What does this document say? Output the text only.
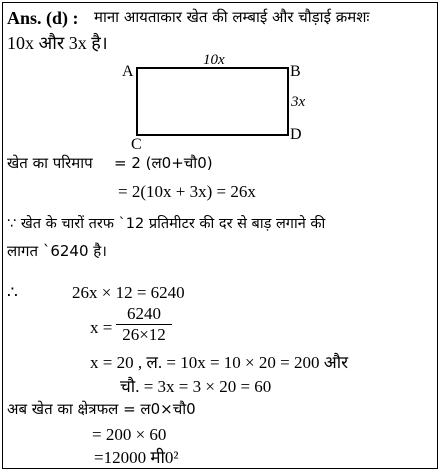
Ans. (d) : माना आयताकार खेत की लम्बाई और चौड़ाई क्रमशः
10x और 3x है।
10x
3x
A	B
C
D
खेत का परिमाप = 2 (ल0+चौ0)
= 2(10x + 3x) = 26x
∵ खेत के चारों तरफ `12 प्रतिमीटर की दर से बाड़ लगाने की
लागत `6240 है।
∴	26x × 12 = 6240
$x = \frac{6240}{26\times 12}$
x = 20 , ल. = 10x = 10 × 20 = 200 और
चौ. = 3x = 3 × 20 = 60
अब खेत का क्षेत्रफल = ल0×चौ0
= 200 × 60
=12000 मी0²
